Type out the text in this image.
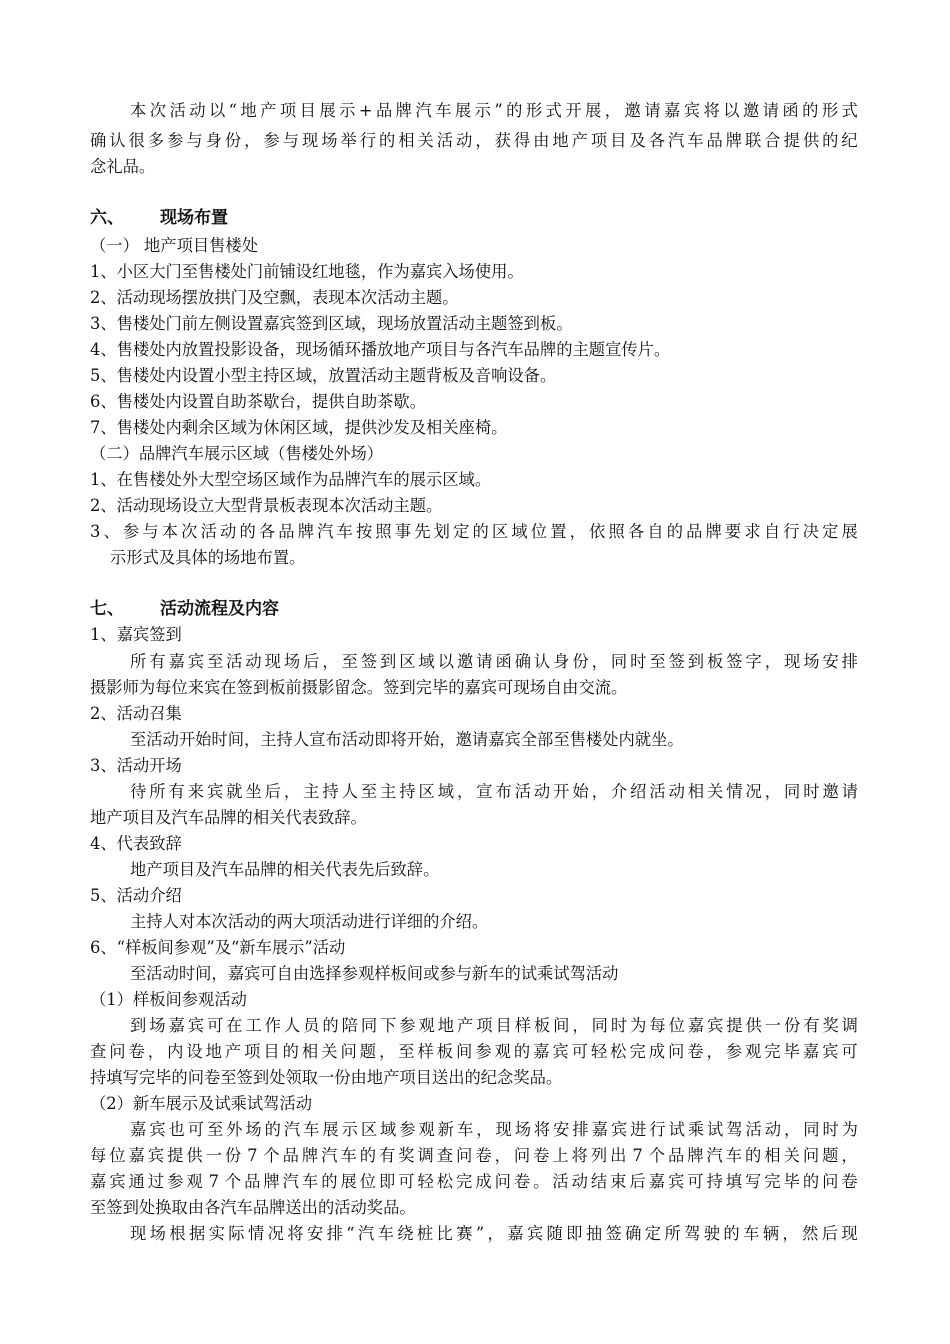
本 次 活 动 以 “ 地 产 项 目 展 示 + 品 牌 汽 车 展 示 ” 的 形 式 开 展 ， 邀 请 嘉 宾 将 以 邀 请 函 的 形 式
确 认 很 多 参 与 身 份 ， 参 与 现 场 举 行 的 相 关 活 动 ， 获 得 由 地 产 项 目 及 各 汽 车 品 牌 联 合 提 供 的 纪
念礼品。
六、 现场布置
（一） 地产项目售楼处
1、小区大门至售楼处门前铺设红地毯，作为嘉宾入场使用。
2、活动现场摆放拱门及空飘，表现本次活动主题。
3、售楼处门前左侧设置嘉宾签到区域，现场放置活动主题签到板。
4、售楼处内放置投影设备，现场循环播放地产项目与各汽车品牌的主题宣传片。
5、售楼处内设置小型主持区域，放置活动主题背板及音响设备。
6、售楼处内设置自助茶歇台，提供自助茶歇。
7、售楼处内剩余区域为休闲区域，提供沙发及相关座椅。
（二）品牌汽车展示区域（售楼处外场）
1、在售楼处外大型空场区域作为品牌汽车的展示区域。
2、活动现场设立大型背景板表现本次活动主题。
3 、 参 与 本 次 活 动 的 各 品 牌 汽 车 按 照 事 先 划 定 的 区 域 位 置 ， 依 照 各 自 的 品 牌 要 求 自 行 决 定 展
示形式及具体的场地布置。
七、 活动流程及内容
1、嘉宾签到
所 有 嘉 宾 至 活 动 现 场 后 ， 至 签 到 区 域 以 邀 请 函 确 认 身 份 ， 同 时 至 签 到 板 签 字 ， 现 场 安 排
摄影师为每位来宾在签到板前摄影留念。签到完毕的嘉宾可现场自由交流。
2、活动召集
至活动开始时间，主持人宣布活动即将开始，邀请嘉宾全部至售楼处内就坐。
3、活动开场
待 所 有 来 宾 就 坐 后 ， 主 持 人 至 主 持 区 域 ， 宣 布 活 动 开 始 ， 介 绍 活 动 相 关 情 况 ， 同 时 邀 请
地产项目及汽车品牌的相关代表致辞。
4、代表致辞
地产项目及汽车品牌的相关代表先后致辞。
5、活动介绍
主持人对本次活动的两大项活动进行详细的介绍。
6、“样板间参观”及“新车展示”活动
至活动时间，嘉宾可自由选择参观样板间或参与新车的试乘试驾活动
（1）样板间参观活动
到 场 嘉 宾 可 在 工 作 人 员 的 陪 同 下 参 观 地 产 项 目 样 板 间 ， 同 时 为 每 位 嘉 宾 提 供 一 份 有 奖 调
查 问 卷 ， 内 设 地 产 项 目 的 相 关 问 题 ， 至 样 板 间 参 观 的 嘉 宾 可 轻 松 完 成 问 卷 ， 参 观 完 毕 嘉 宾 可
持填写完毕的问卷至签到处领取一份由地产项目送出的纪念奖品。
（2）新车展示及试乘试驾活动
嘉 宾 也 可 至 外 场 的 汽 车 展 示 区 域 参 观 新 车 ， 现 场 将 安 排 嘉 宾 进 行 试 乘 试 驾 活 动 ， 同 时 为
每 位 嘉 宾 提 供 一 份 7 个 品 牌 汽 车 的 有 奖 调 查 问 卷 ， 问 卷 上 将 列 出 7 个 品 牌 汽 车 的 相 关 问 题 ，
嘉 宾 通 过 参 观 7 个 品 牌 汽 车 的 展 位 即 可 轻 松 完 成 问 卷 。 活 动 结 束 后 嘉 宾 可 持 填 写 完 毕 的 问 卷
至签到处换取由各汽车品牌送出的活动奖品。
现 场 根 据 实 际 情 况 将 安 排 “ 汽 车 绕 桩 比 赛 ” ， 嘉 宾 随 即 抽 签 确 定 所 驾 驶 的 车 辆 ， 然 后 现
